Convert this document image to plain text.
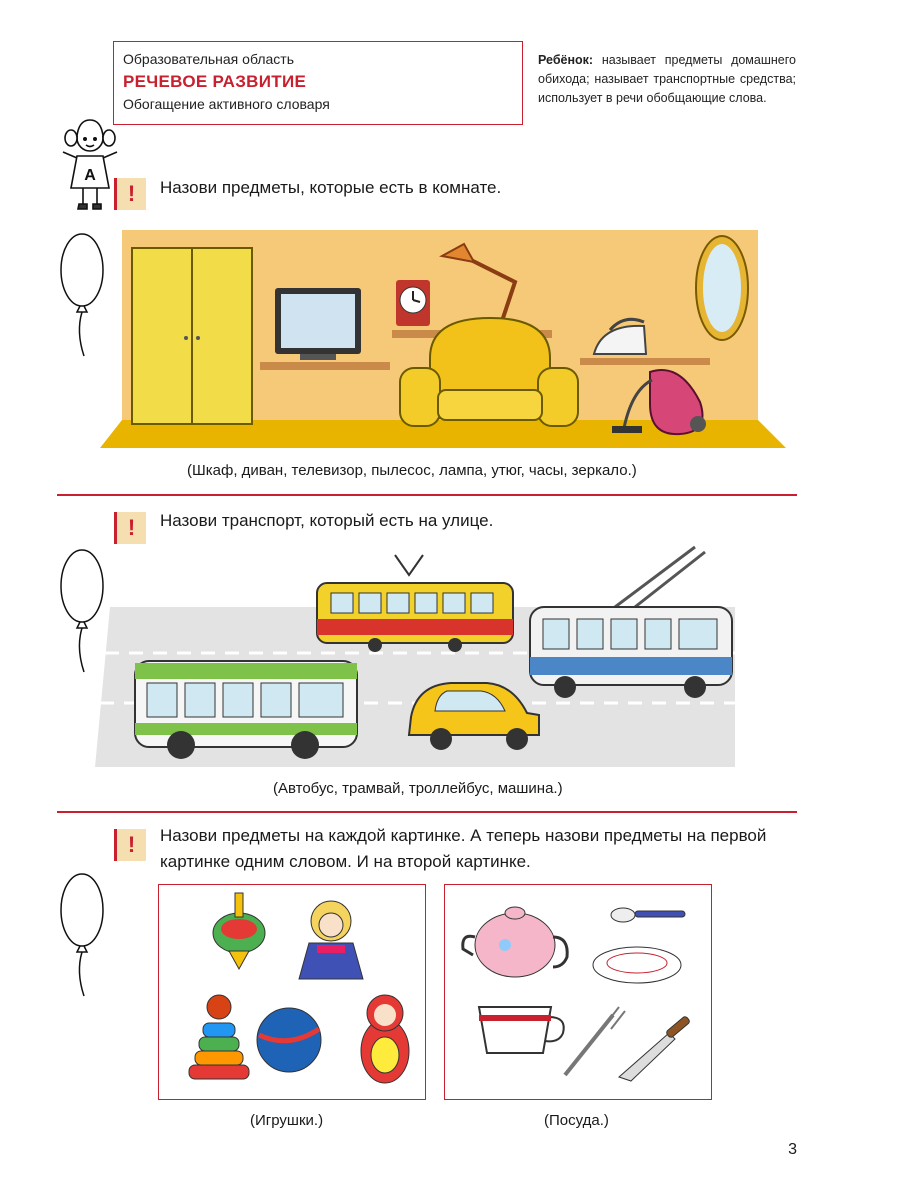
Образовательная область
РЕЧЕВОЕ РАЗВИТИЕ
Обогащение активного словаря
Ребёнок: называет предметы домашнего обихода; называет транспортные средства; использует в речи обобщающие слова.
А
!	Назови предметы, которые есть в комнате.
(Шкаф, диван, телевизор, пылесос, лампа, утюг, часы, зеркало.)
!	Назови транспорт, который есть на улице.
(Автобус, трамвай, троллейбус, машина.)
!	Назови предметы на каждой картинке. А теперь назови предметы на первой
картинке одним словом. И на второй картинке.
(Игрушки.)	(Посуда.)
3
